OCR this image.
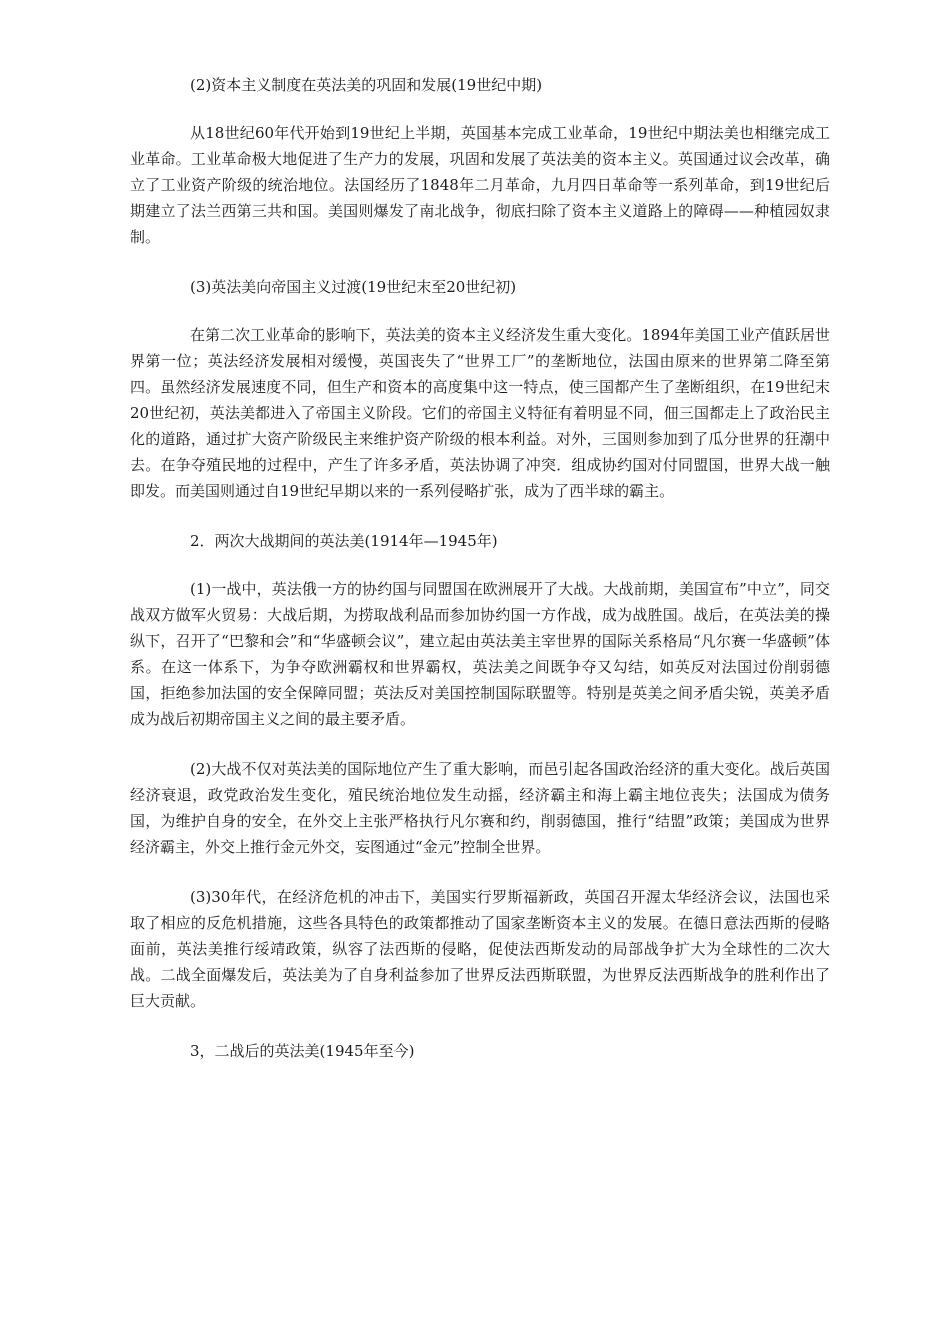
(2)资本主义制度在英法美的巩固和发展(19世纪中期)

从18世纪60年代开始到19世纪上半期，英国基本完成工业革命，19世纪中期法美也相继完成工业革命。工业革命极大地促进了生产力的发展，巩固和发展了英法美的资本主义。英国通过议会改革，确立了工业资产阶级的统治地位。法国经历了1848年二月革命，九月四日革命等一系列革命，到19世纪后期建立了法兰西第三共和国。美国则爆发了南北战争，彻底扫除了资本主义道路上的障碍——种植园奴隶制。

(3)英法美向帝国主义过渡(19世纪末至20世纪初)

在第二次工业革命的影响下，英法美的资本主义经济发生重大变化。1894年美国工业产值跃居世界第一位；英法经济发展相对缓慢，英国丧失了“世界工厂”的垄断地位，法国由原来的世界第二降至第四。虽然经济发展速度不同，但生产和资本的高度集中这一特点，使三国都产生了垄断组织，在19世纪末20世纪初，英法美都进入了帝国主义阶段。它们的帝国主义特征有着明显不同，佃三国都走上了政治民主化的道路，通过扩大资产阶级民主来维护资产阶级的根本利益。对外，三国则参加到了瓜分世界的狂潮中去。在争夺殖民地的过程中，产生了许多矛盾，英法协调了冲突．组成协约国对付同盟国，世界大战一触即发。而美国则通过自19世纪早期以来的一系列侵略扩张，成为了西半球的霸主。

2．两次大战期间的英法美(1914年—1945年)

(1)一战中，英法俄一方的协约国与同盟国在欧洲展开了大战。大战前期，美国宣布”中立”，同交战双方做军火贸易：大战后期，为捞取战利品而参加协约国一方作战，成为战胜国。战后，在英法美的操纵下，召开了“巴黎和会”和“华盛顿会议”，建立起由英法美主宰世界的国际关系格局“凡尔赛一华盛顿”体系。在这一体系下，为争夺欧洲霸权和世界霸权，英法美之间既争夺又勾结，如英反对法国过份削弱德国，拒绝参加法国的安全保障同盟；英法反对美国控制国际联盟等。特别是英美之间矛盾尖锐，英美矛盾成为战后初期帝国主义之间的最主要矛盾。

(2)大战不仅对英法美的国际地位产生了重大影响，而邑引起各国政治经济的重大变化。战后英国经济衰退，政党政治发生变化，殖民统治地位发生动摇，经济霸主和海上霸主地位丧失；法国成为债务国，为维护自身的安全，在外交上主张严格执行凡尔赛和约，削弱德国，推行“结盟”政策；美国成为世界经济霸主，外交上推行金元外交，妄图通过“金元”控制全世界。

(3)30年代，在经济危机的冲击下，美国实行罗斯福新政，英国召开渥太华经济会议，法国也采取了相应的反危机措施，这些各具特色的政策都推动了国家垄断资本主义的发展。在德日意法西斯的侵略面前，英法美推行绥靖政策，纵容了法西斯的侵略，促使法西斯发动的局部战争扩大为全球性的二次大战。二战全面爆发后，英法美为了自身利益参加了世界反法西斯联盟，为世界反法西斯战争的胜利作出了巨大贡献。

3，二战后的英法美(1945年至今)
